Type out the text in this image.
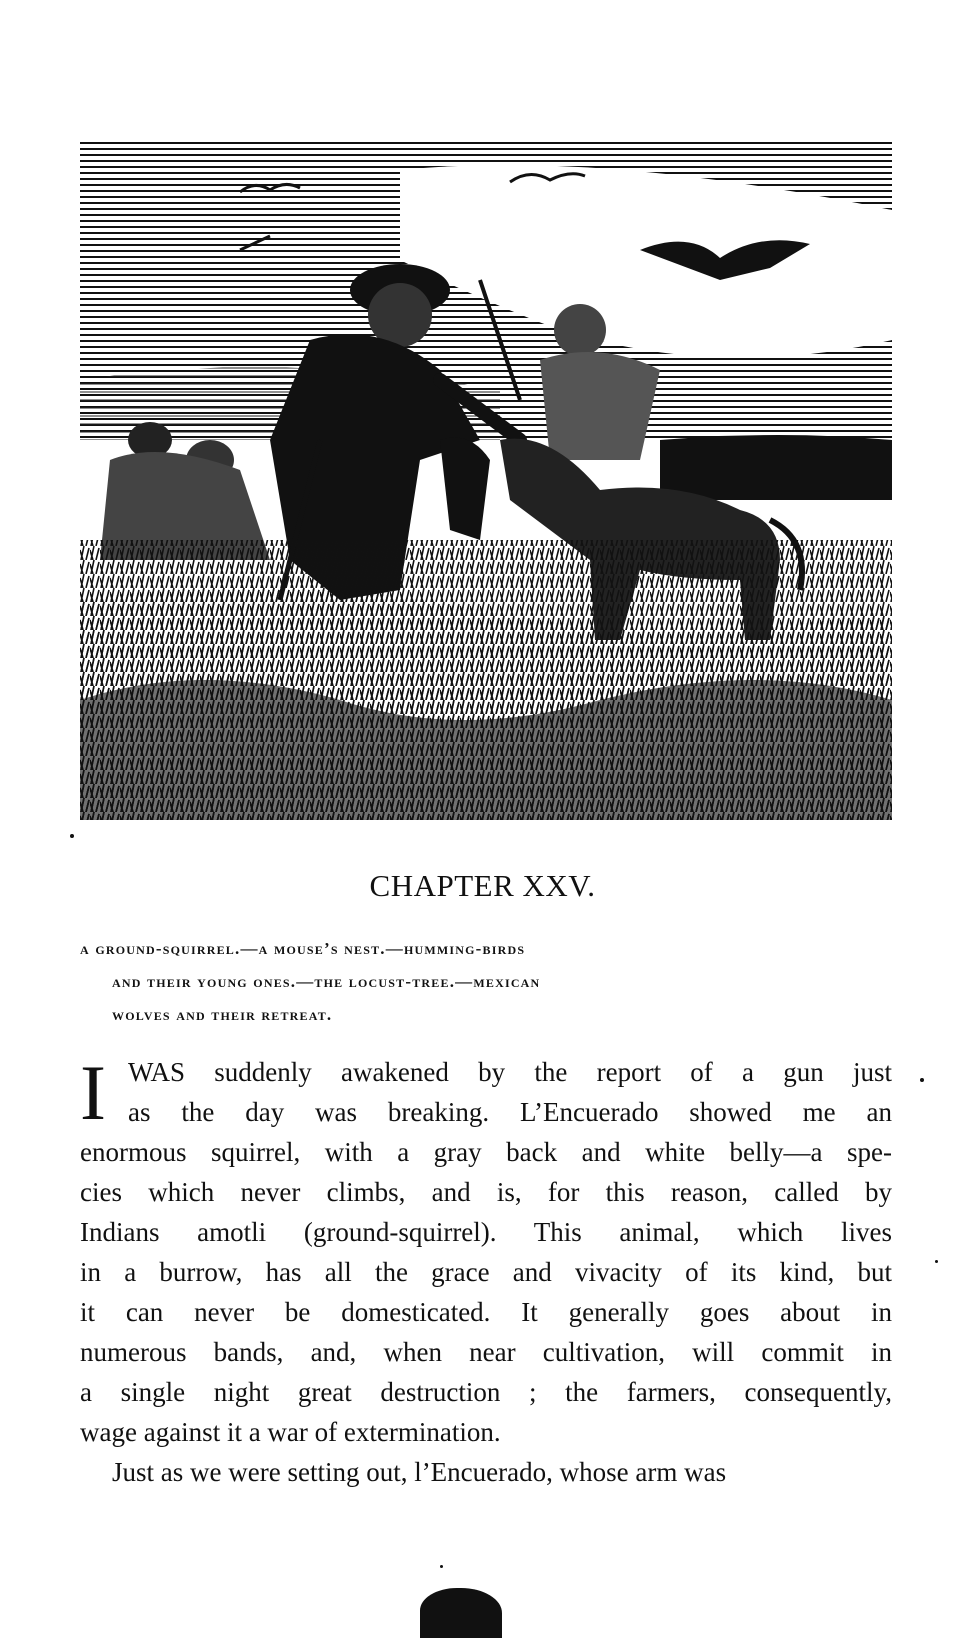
CHAPTER XXV.
a ground-squirrel.—a mouse’s nest.—humming-birds
and their young ones.—the locust-tree.—mexican
wolves and their retreat.
I WAS suddenly awakened by the report of a gun just
as the day was breaking. L’Encuerado showed me an
enormous squirrel, with a gray back and white belly—a spe-
cies which never climbs, and is, for this reason, called by
Indians amotli (ground-squirrel). This animal, which lives
in a burrow, has all the grace and vivacity of its kind, but
it can never be domesticated. It generally goes about in
numerous bands, and, when near cultivation, will commit in
a single night great destruction ; the farmers, consequently,
wage against it a war of extermination.
Just as we were setting out, l’Encuerado, whose arm was
